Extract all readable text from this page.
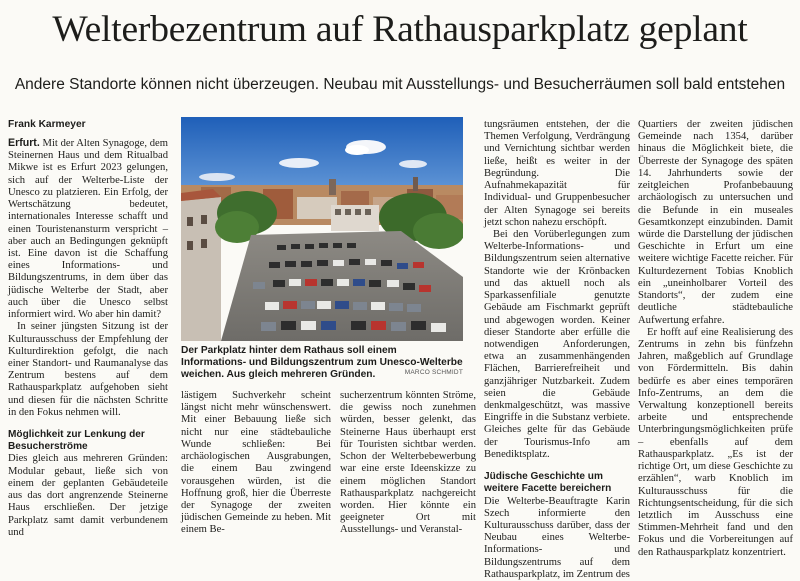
Welterbezentrum auf Rathausparkplatz geplant

Andere Standorte können nicht überzeugen. Neubau mit Ausstellungs- und Besucherräumen soll bald entstehen

Frank Karmeyer

Erfurt. Mit der Alten Synagoge, dem Steinernen Haus und dem Ritualbad Mikwe ist es Erfurt 2023 gelungen, sich auf der Welterbe-Liste der Unesco zu platzieren. Ein Erfolg, der Wertschätzung bedeutet, internationales Interesse schafft und einen Touristenansturm verspricht – aber auch an Bedingungen geknüpft ist. Eine davon ist die Schaffung eines Informations- und Bildungszentrums, in dem über das jüdische Welterbe der Stadt, aber auch über die Unesco selbst informiert wird. Wo aber hin damit?

In seiner jüngsten Sitzung ist der Kulturausschuss der Empfehlung der Kulturdirektion gefolgt, die nach einer Standort- und Raumanalyse das Zentrum bestens auf dem Rathausparkplatz aufgehoben sieht und diesen für die nächsten Schritte in den Fokus nehmen will.

Möglichkeit zur Lenkung der Besucherströme

Dies gleich aus mehreren Gründen: Modular gebaut, ließe sich von einem der geplanten Gebäudeteile aus das dort angrenzende Steinerne Haus erschließen. Der jetzige Parkplatz samt damit verbundenem und

Der Parkplatz hinter dem Rathaus soll einem Informations- und Bildungszentrum zum Unesco-Welterbe weichen. Aus gleich mehreren Gründen.	MARCO SCHMIDT

lästigem Suchverkehr scheint längst nicht mehr wünschenswert. Mit einer Bebauung ließe sich nicht nur eine städtebauliche Wunde schließen: Bei archäologischen Ausgrabungen, die einem Bau zwingend vorausgehen würden, ist die Hoffnung groß, hier die Überreste der Synagoge der zweiten jüdischen Gemeinde zu heben. Mit einem Be-

sucherzentrum könnten Ströme, die gewiss noch zunehmen würden, besser gelenkt, das Steinerne Haus überhaupt erst für Touristen sichtbar werden. Schon der Welterbebewerbung war eine erste Ideenskizze zu einem möglichen Standort Rathausparkplatz nachgereicht worden. Hier könnte ein geeigneter Ort mit Ausstellungs- und Veranstal-

tungsräumen entstehen, der die Themen Verfolgung, Verdrängung und Vernichtung sichtbar werden ließe, heißt es weiter in der Begründung. Die Aufnahmekapazität für Individual- und Gruppenbesucher der Alten Synagoge sei bereits jetzt schon nahezu erschöpft.

Bei den Vorüberlegungen zum Welterbe-Informations- und Bildungszentrum seien alternative Standorte wie der Krönbacken und das aktuell noch als Sparkassenfiliale genutzte Gebäude am Fischmarkt geprüft und abgewogen worden. Keiner dieser Standorte aber erfülle die notwendigen Anforderungen, etwa an zusammenhängenden Flächen, Barrierefreiheit und ganzjähriger Nutzbarkeit. Zudem seien die Gebäude denkmalgeschützt, was massive Eingriffe in die Substanz verbiete. Gleiches gelte für das Gebäude der Tourismus-Info am Benediktsplatz.

Jüdische Geschichte um weitere Facette bereichern

Die Welterbe-Beauftragte Karin Szech informierte den Kulturausschuss darüber, dass der Neubau eines Welterbe-Informations- und Bildungszentrums auf dem Rathausparkplatz, im Zentrum des

Quartiers der zweiten jüdischen Gemeinde nach 1354, darüber hinaus die Möglichkeit biete, die Überreste der Synagoge des späten 14. Jahrhunderts sowie der zeitgleichen Profanbebauung archäologisch zu untersuchen und die Befunde in ein museales Gesamtkonzept einzubinden. Damit würde die Darstellung der jüdischen Geschichte in Erfurt um eine weitere wichtige Facette reicher. Für Kulturdezernent Tobias Knoblich ein „uneinholbarer Vorteil des Standorts“, der zudem eine deutliche städtebauliche Aufwertung erfahre.

Er hofft auf eine Realisierung des Zentrums in zehn bis fünfzehn Jahren, maßgeblich auf Grundlage von Fördermitteln. Bis dahin bedürfe es aber eines temporären Info-Zentrums, an dem die Verwaltung konzeptionell bereits arbeite und entsprechende Unterbringungsmöglichkeiten prüfe – ebenfalls auf dem Rathausparkplatz. „Es ist der richtige Ort, um diese Geschichte zu erzählen“, warb Knoblich im Kulturausschuss für die Richtungsentscheidung, für die sich letztlich im Ausschuss eine Stimmen-Mehrheit fand und den Fokus und die Vorbereitungen auf den Rathausparkplatz konzentriert.
